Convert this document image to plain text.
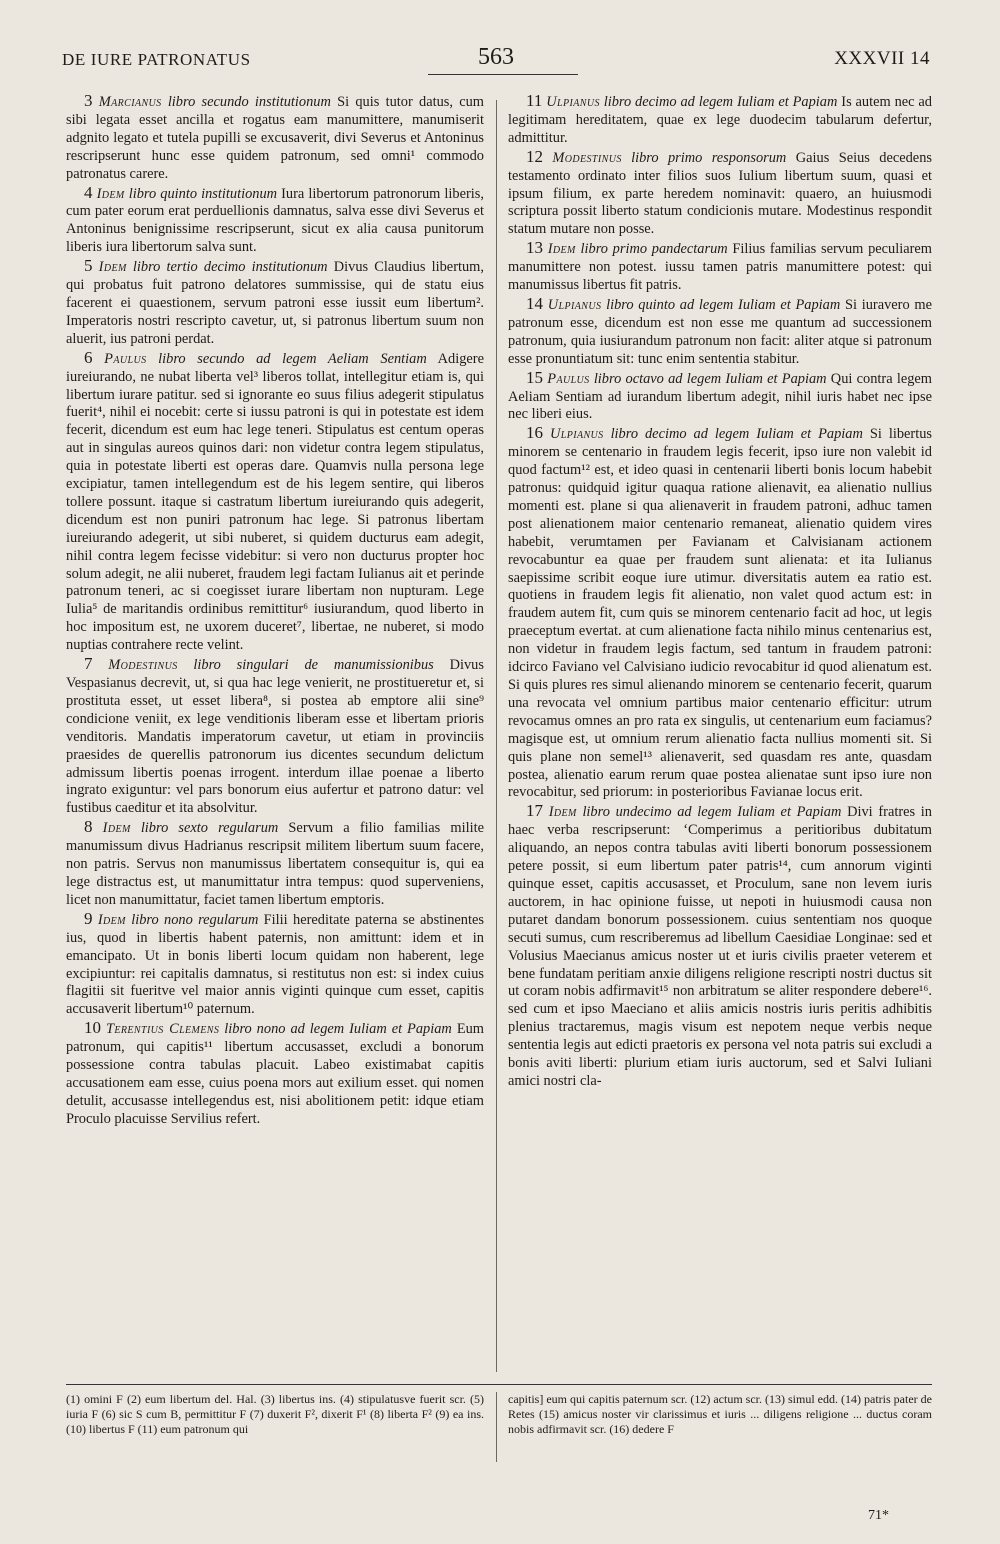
DE IURE PATRONATUS	563	XXXVII 14

3 Marcianus libro secundo institutionum Si quis tutor datus, cum sibi legata esset ancilla et rogatus eam manumittere, manumiserit adgnito legato et tutela pupilli se excusaverit, divi Severus et Antoninus rescripserunt hunc esse quidem patronum, sed omni¹ commodo patronatus carere.

4 Idem libro quinto institutionum Iura libertorum patronorum liberis, cum pater eorum erat perduellionis damnatus, salva esse divi Severus et Antoninus benignissime rescripserunt, sicut ex alia causa punitorum liberis iura libertorum salva sunt.

5 Idem libro tertio decimo institutionum Divus Claudius libertum, qui probatus fuit patrono delatores summissise, qui de statu eius facerent ei quaestionem, servum patroni esse iussit eum libertum². Imperatoris nostri rescripto cavetur, ut, si patronus libertum suum non aluerit, ius patroni perdat.

6 Paulus libro secundo ad legem Aeliam Sentiam Adigere iureiurando, ne nubat liberta vel³ liberos tollat, intellegitur etiam is, qui libertum iurare patitur. sed si ignorante eo suus filius adegerit stipulatus fuerit⁴, nihil ei nocebit: certe si iussu patroni is qui in potestate est idem fecerit, dicendum est eum hac lege teneri. Stipulatus est centum operas aut in singulas aureos quinos dari: non videtur contra legem stipulatus, quia in potestate liberti est operas dare. Quamvis nulla persona lege excipiatur, tamen intellegendum est de his legem sentire, qui liberos tollere possunt. itaque si castratum libertum iureiurando quis adegerit, dicendum est non puniri patronum hac lege. Si patronus libertam iureiurando adegerit, ut sibi nuberet, si quidem ducturus eam adegit, nihil contra legem fecisse videbitur: si vero non ducturus propter hoc solum adegit, ne alii nuberet, fraudem legi factam Iulianus ait et perinde patronum teneri, ac si coegisset iurare libertam non nupturam. Lege Iulia⁵ de maritandis ordinibus remittitur⁶ iusiurandum, quod liberto in hoc impositum est, ne uxorem duceret⁷, libertae, ne nuberet, si modo nuptias contrahere recte velint.

7 Modestinus libro singulari de manumissionibus Divus Vespasianus decrevit, ut, si qua hac lege venierit, ne prostitueretur et, si prostituta esset, ut esset libera⁸, si postea ab emptore alii sine⁹ condicione veniit, ex lege venditionis liberam esse et libertam prioris venditoris. Mandatis imperatorum cavetur, ut etiam in provinciis praesides de querellis patronorum ius dicentes secundum delictum admissum libertis poenas irrogent. interdum illae poenae a liberto ingrato exiguntur: vel pars bonorum eius aufertur et patrono datur: vel fustibus caeditur et ita absolvitur.

8 Idem libro sexto regularum Servum a filio familias milite manumissum divus Hadrianus rescripsit militem libertum suum facere, non patris. Servus non manumissus libertatem consequitur is, qui ea lege distractus est, ut manumittatur intra tempus: quod superveniens, licet non manumittatur, faciet tamen libertum emptoris.

9 Idem libro nono regularum Filii hereditate paterna se abstinentes ius, quod in libertis habent paternis, non amittunt: idem et in emancipato. Ut in bonis liberti locum quidam non haberent, lege excipiuntur: rei capitalis damnatus, si restitutus non est: si index cuius flagitii sit fueritve vel maior annis viginti quinque cum esset, capitis accusaverit libertum¹⁰ paternum.

10 Terentius Clemens libro nono ad legem Iuliam et Papiam Eum patronum, qui capitis¹¹ libertum accusasset, excludi a bonorum possessione contra tabulas placuit. Labeo existimabat capitis accusationem eam esse, cuius poena mors aut exilium esset. qui nomen detulit, accusasse intellegendus est, nisi abolitionem petit: idque etiam Proculo placuisse Servilius refert.

11 Ulpianus libro decimo ad legem Iuliam et Papiam Is autem nec ad legitimam hereditatem, quae ex lege duodecim tabularum defertur, admittitur.

12 Modestinus libro primo responsorum Gaius Seius decedens testamento ordinato inter filios suos Iulium libertum suum, quasi et ipsum filium, ex parte heredem nominavit: quaero, an huiusmodi scriptura possit liberto statum condicionis mutare. Modestinus respondit statum mutare non posse.

13 Idem libro primo pandectarum Filius familias servum peculiarem manumittere non potest. iussu tamen patris manumittere potest: qui manumissus libertus fit patris.

14 Ulpianus libro quinto ad legem Iuliam et Papiam Si iuravero me patronum esse, dicendum est non esse me quantum ad successionem patronum, quia iusiurandum patronum non facit: aliter atque si patronum esse pronuntiatum sit: tunc enim sententia stabitur.

15 Paulus libro octavo ad legem Iuliam et Papiam Qui contra legem Aeliam Sentiam ad iurandum libertum adegit, nihil iuris habet nec ipse nec liberi eius.

16 Ulpianus libro decimo ad legem Iuliam et Papiam Si libertus minorem se centenario in fraudem legis fecerit, ipso iure non valebit id quod factum¹² est, et ideo quasi in centenarii liberti bonis locum habebit patronus: quidquid igitur quaqua ratione alienavit, ea alienatio nullius momenti est. plane si qua alienaverit in fraudem patroni, adhuc tamen post alienationem maior centenario remaneat, alienatio quidem vires habebit, verumtamen per Favianam et Calvisianam actionem revocabuntur ea quae per fraudem sunt alienata: et ita Iulianus saepissime scribit eoque iure utimur. diversitatis autem ea ratio est. quotiens in fraudem legis fit alienatio, non valet quod actum est: in fraudem autem fit, cum quis se minorem centenario facit ad hoc, ut legis praeceptum evertat. at cum alienatione facta nihilo minus centenarius est, non videtur in fraudem legis factum, sed tantum in fraudem patroni: idcirco Faviano vel Calvisiano iudicio revocabitur id quod alienatum est. Si quis plures res simul alienando minorem se centenario fecerit, quarum una revocata vel omnium partibus maior centenario efficitur: utrum revocamus omnes an pro rata ex singulis, ut centenarium eum faciamus? magisque est, ut omnium rerum alienatio facta nullius momenti sit. Si quis plane non semel¹³ alienaverit, sed quasdam res ante, quasdam postea, alienatio earum rerum quae postea alienatae sunt ipso iure non revocabitur, sed priorum: in posterioribus Favianae locus erit.

17 Idem libro undecimo ad legem Iuliam et Papiam Divi fratres in haec verba rescripserunt: ‘Comperimus a peritioribus dubitatum aliquando, an nepos contra tabulas aviti liberti bonorum possessionem petere possit, si eum libertum pater patris¹⁴, cum annorum viginti quinque esset, capitis accusasset, et Proculum, sane non levem iuris auctorem, in hac opinione fuisse, ut nepoti in huiusmodi causa non putaret dandam bonorum possessionem. cuius sententiam nos quoque secuti sumus, cum rescriberemus ad libellum Caesidiae Longinae: sed et Volusius Maecianus amicus noster ut et iuris civilis praeter veterem et bene fundatam peritiam anxie diligens religione rescripti nostri ductus sit ut coram nobis adfirmavit¹⁵ non arbitratum se aliter respondere debere¹⁶. sed cum et ipso Maeciano et aliis amicis nostris iuris peritis adhibitis plenius tractaremus, magis visum est nepotem neque verbis neque sententia legis aut edicti praetoris ex persona vel nota patris sui excludi a bonis aviti liberti: plurium etiam iuris auctorum, sed et Salvi Iuliani amici nostri cla-

(1) omini F (2) eum libertum del. Hal. (3) libertus ins. (4) stipulatusve fuerit scr. (5) iuria F (6) sic S cum B, permittitur F (7) duxerit F², dixerit F¹ (8) liberta F² (9) ea ins. (10) libertus F (11) eum patronum qui
capitis] eum qui capitis paternum scr. (12) actum scr. (13) simul edd. (14) patris pater de Retes (15) amicus noster vir clarissimus et iuris ... diligens religione ... ductus coram nobis adfirmavit scr. (16) dedere F
71*
